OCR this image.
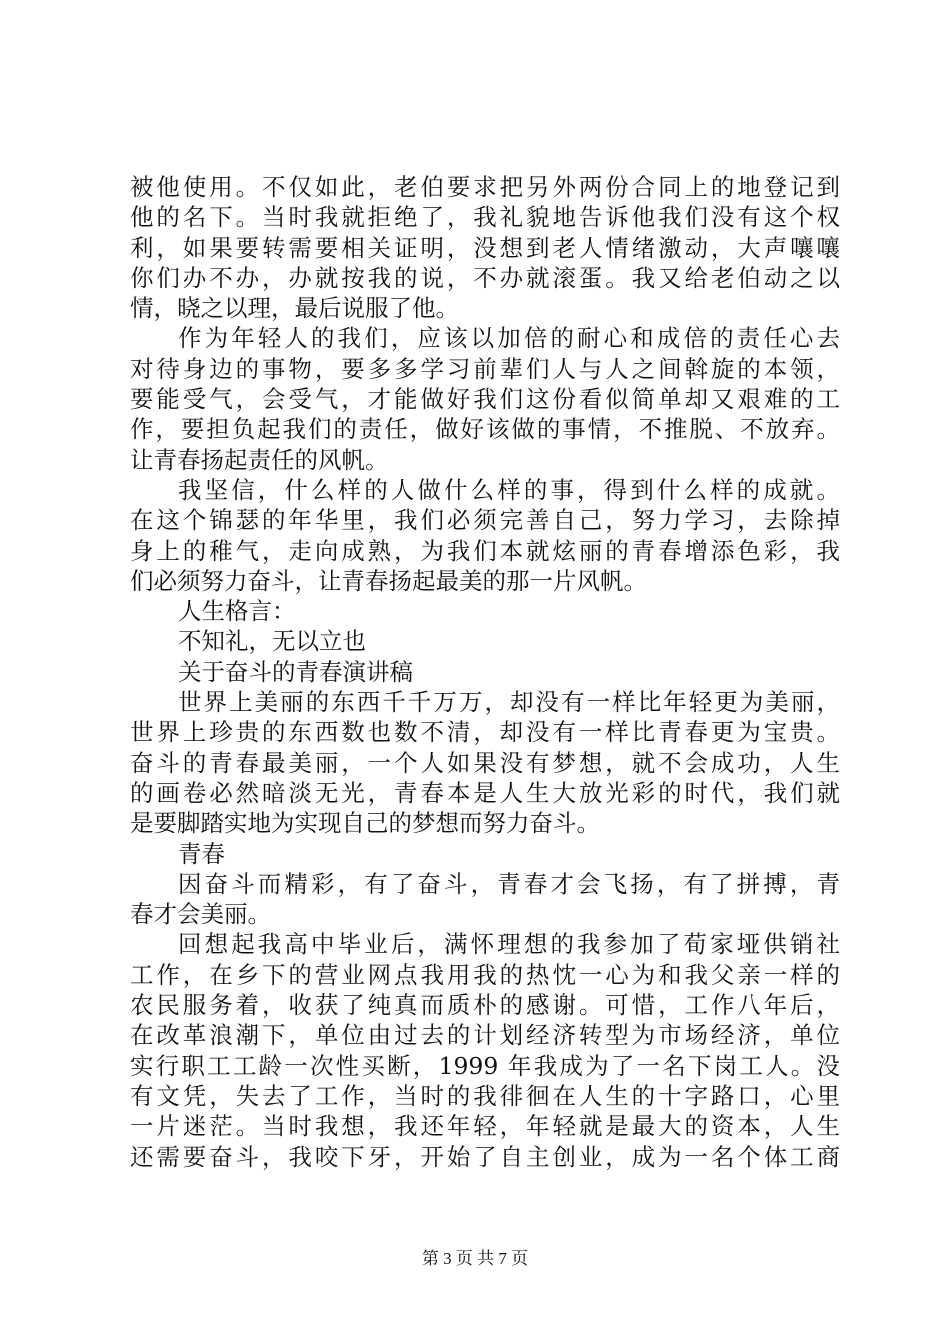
被他使用。不仅如此，老伯要求把另外两份合同上的地登记到
他的名下。当时我就拒绝了，我礼貌地告诉他我们没有这个权
利，如果要转需要相关证明，没想到老人情绪激动，大声嚷嚷
你们办不办，办就按我的说，不办就滚蛋。我又给老伯动之以
情，晓之以理，最后说服了他。
作为年轻人的我们，应该以加倍的耐心和成倍的责任心去
对待身边的事物，要多多学习前辈们人与人之间斡旋的本领，
要能受气，会受气，才能做好我们这份看似简单却又艰难的工
作，要担负起我们的责任，做好该做的事情，不推脱、不放弃。
让青春扬起责任的风帆。
我坚信，什么样的人做什么样的事，得到什么样的成就。
在这个锦瑟的年华里，我们必须完善自己，努力学习，去除掉
身上的稚气，走向成熟，为我们本就炫丽的青春增添色彩，我
们必须努力奋斗，让青春扬起最美的那一片风帆。
人生格言：
不知礼，无以立也
关于奋斗的青春演讲稿
世界上美丽的东西千千万万，却没有一样比年轻更为美丽，
世界上珍贵的东西数也数不清，却没有一样比青春更为宝贵。
奋斗的青春最美丽，一个人如果没有梦想，就不会成功，人生
的画卷必然暗淡无光，青春本是人生大放光彩的时代，我们就
是要脚踏实地为实现自己的梦想而努力奋斗。
青春
因奋斗而精彩，有了奋斗，青春才会飞扬，有了拼搏，青
春才会美丽。
回想起我高中毕业后，满怀理想的我参加了荀家垭供销社
工作，在乡下的营业网点我用我的热忱一心为和我父亲一样的
农民服务着，收获了纯真而质朴的感谢。可惜，工作八年后，
在改革浪潮下，单位由过去的计划经济转型为市场经济，单位
实行职工工龄一次性买断，1999 年我成为了一名下岗工人。没
有文凭，失去了工作，当时的我徘徊在人生的十字路口，心里
一片迷茫。当时我想，我还年轻，年轻就是最大的资本，人生
还需要奋斗，我咬下牙，开始了自主创业，成为一名个体工商
第 3 页 共 7 页
